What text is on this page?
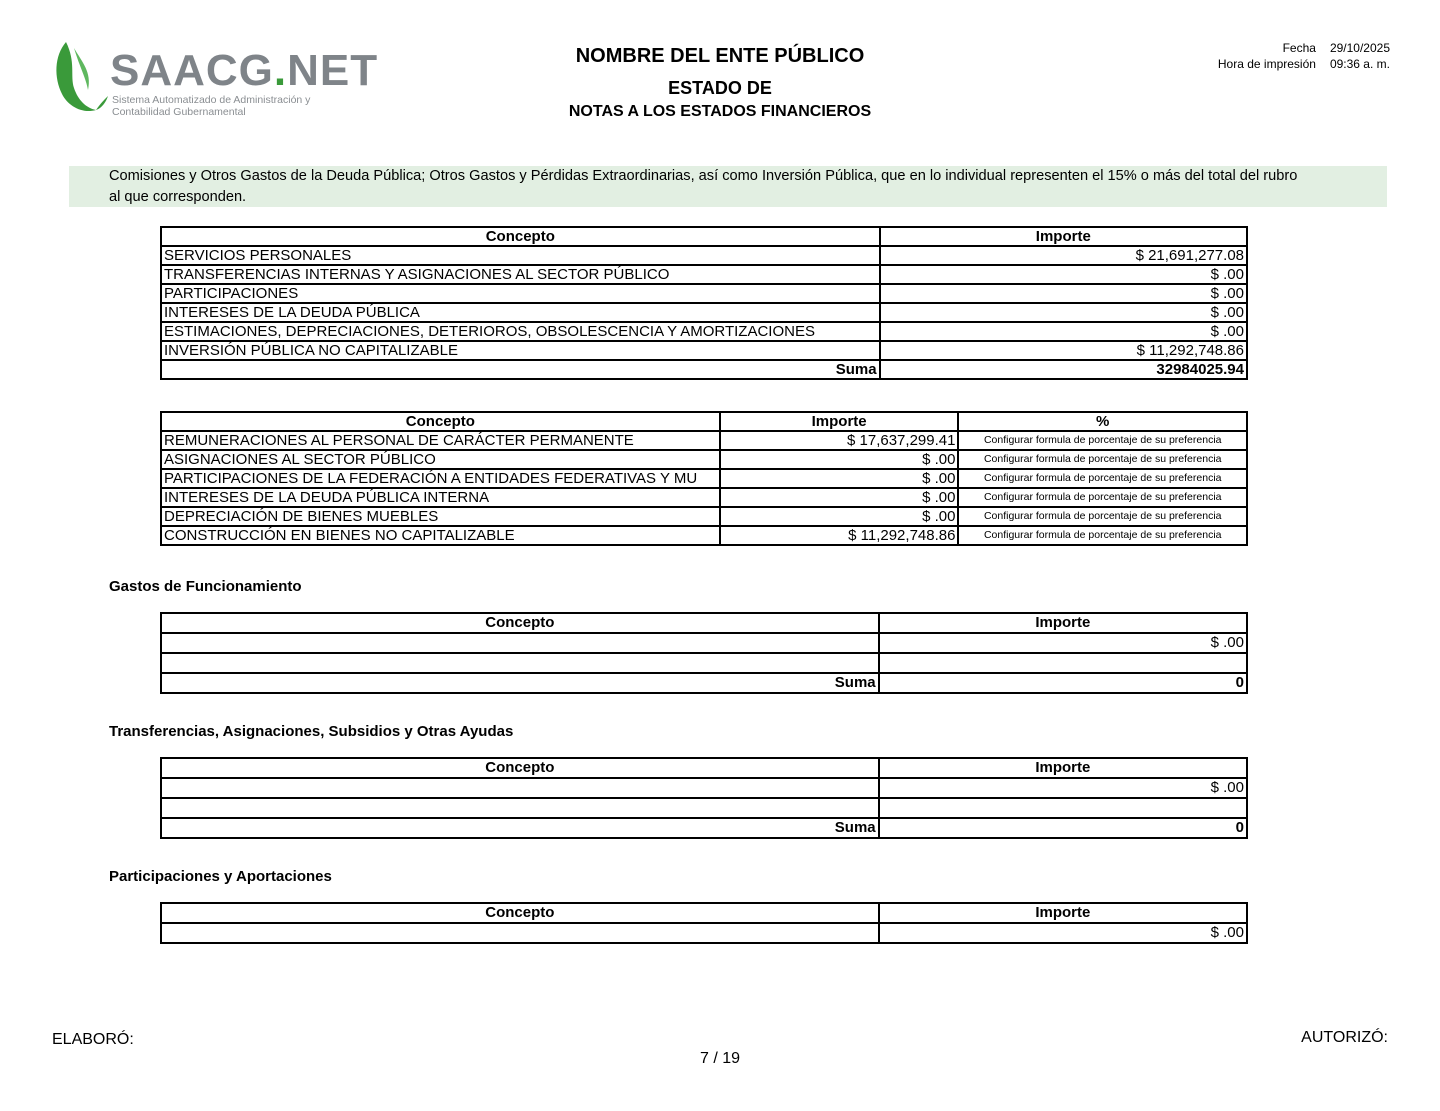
SAACG.NET
Sistema Automatizado de Administración y
Contabilidad Gubernamental
NOMBRE DEL ENTE PÚBLICO
ESTADO DE
NOTAS A LOS ESTADOS FINANCIEROS
Fecha	29/10/2025
Hora de impresión	09:36 a. m.
Comisiones y Otros Gastos de la Deuda Pública; Otros Gastos y Pérdidas Extraordinarias, así como Inversión Pública, que en lo individual representen el 15% o más del total del rubro
al que corresponden.
Concepto	Importe
SERVICIOS PERSONALES	$ 21,691,277.08
TRANSFERENCIAS INTERNAS Y ASIGNACIONES AL SECTOR PÚBLICO	$ .00
PARTICIPACIONES	$ .00
INTERESES DE LA DEUDA PÚBLICA	$ .00
ESTIMACIONES, DEPRECIACIONES, DETERIOROS, OBSOLESCENCIA Y AMORTIZACIONES	$ .00
INVERSIÓN PÚBLICA NO CAPITALIZABLE	$ 11,292,748.86
Suma	32984025.94
Concepto	Importe	%
REMUNERACIONES AL PERSONAL DE CARÁCTER PERMANENTE	$ 17,637,299.41	Configurar formula de porcentaje de su preferencia
ASIGNACIONES AL SECTOR PÚBLICO	$ .00	Configurar formula de porcentaje de su preferencia
PARTICIPACIONES DE LA FEDERACIÓN A ENTIDADES FEDERATIVAS Y MU	$ .00	Configurar formula de porcentaje de su preferencia
INTERESES DE LA DEUDA PÚBLICA INTERNA	$ .00	Configurar formula de porcentaje de su preferencia
DEPRECIACIÓN DE BIENES MUEBLES	$ .00	Configurar formula de porcentaje de su preferencia
CONSTRUCCIÓN EN BIENES NO CAPITALIZABLE	$ 11,292,748.86	Configurar formula de porcentaje de su preferencia
Gastos de Funcionamiento
Concepto	Importe
	$ .00

Suma	0
Transferencias, Asignaciones, Subsidios y Otras Ayudas
Concepto	Importe
	$ .00

Suma	0
Participaciones y Aportaciones
Concepto	Importe
	$ .00
ELABORÓ:	AUTORIZÓ:
7 / 19
